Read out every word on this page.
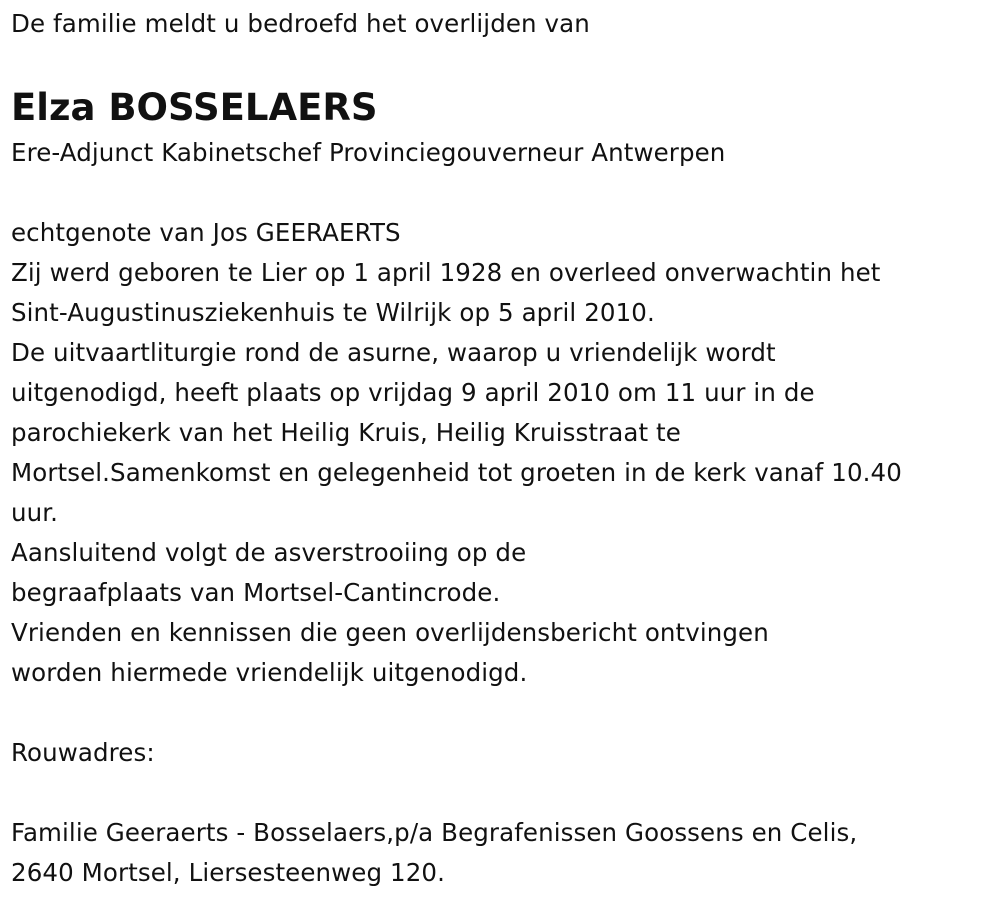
De familie meldt u bedroefd het overlijden van
Elza BOSSELAERS
Ere-Adjunct Kabinetschef Provinciegouverneur Antwerpen
echtgenote van Jos GEERAERTS
Zij werd geboren te Lier op 1 april 1928 en overleed onverwachtin het
Sint-Augustinusziekenhuis te Wilrijk op 5 april 2010.
De uitvaartliturgie rond de asurne, waarop u vriendelijk wordt
uitgenodigd, heeft plaats op vrijdag 9 april 2010 om 11 uur in de
parochiekerk van het Heilig Kruis, Heilig Kruisstraat te
Mortsel.Samenkomst en gelegenheid tot groeten in de kerk vanaf 10.40
uur.
Aansluitend volgt de asverstrooiing op de
begraafplaats van Mortsel-Cantincrode.
Vrienden en kennissen die geen overlijdensbericht ontvingen
worden hiermede vriendelijk uitgenodigd.
Rouwadres:
Familie Geeraerts - Bosselaers,p/a Begrafenissen Goossens en Celis,
2640 Mortsel, Liersesteenweg 120.
